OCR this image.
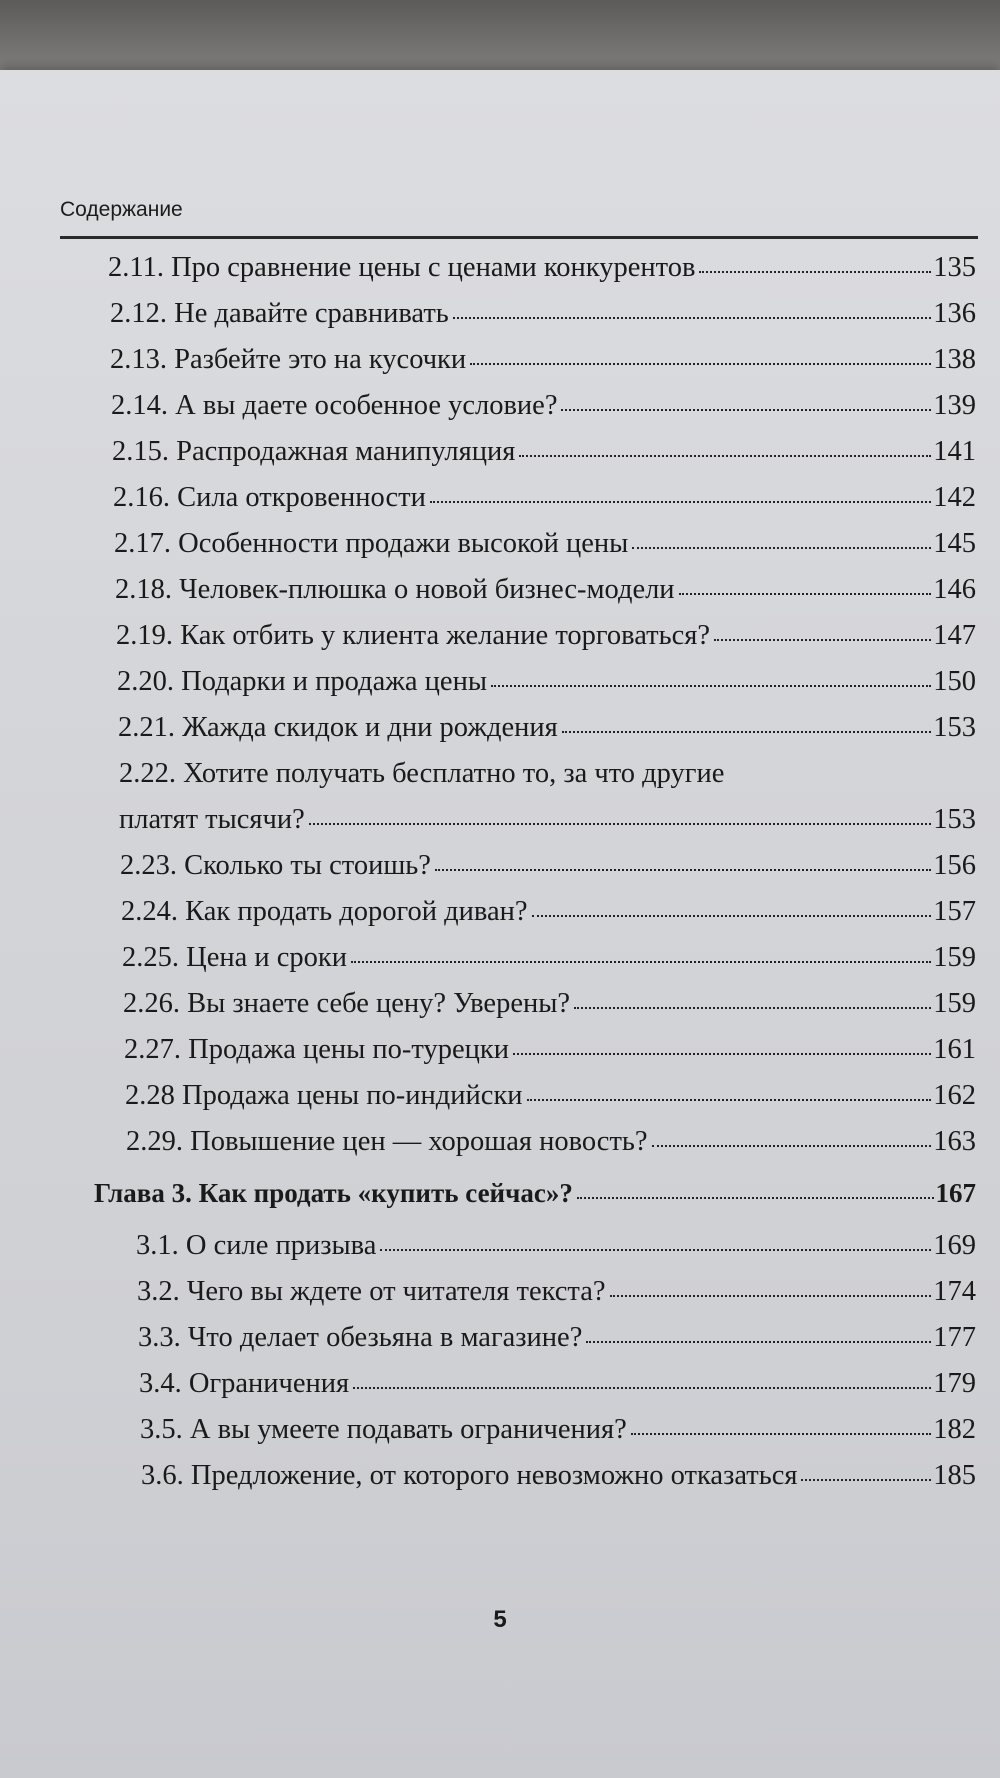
Содержание
2.11. Про сравнение цены с ценами конкурентов	135
2.12. Не давайте сравнивать	136
2.13. Разбейте это на кусочки	138
2.14. А вы даете особенное условие?	139
2.15. Распродажная манипуляция	141
2.16. Сила откровенности	142
2.17. Особенности продажи высокой цены	145
2.18. Человек-плюшка о новой бизнес-модели	146
2.19. Как отбить у клиента желание торговаться?	147
2.20. Подарки и продажа цены	150
2.21. Жажда скидок и дни рождения	153
2.22. Хотите получать бесплатно то, за что другие
платят тысячи?	153
2.23. Сколько ты стоишь?	156
2.24. Как продать дорогой диван?	157
2.25. Цена и сроки	159
2.26. Вы знаете себе цену? Уверены?	159
2.27. Продажа цены по-турецки	161
2.28 Продажа цены по-индийски	162
2.29. Повышение цен — хорошая новость?	163
Глава 3. Как продать «купить сейчас»?	167
3.1. О силе призыва	169
3.2. Чего вы ждете от читателя текста?	174
3.3. Что делает обезьяна в магазине?	177
3.4. Ограничения	179
3.5. А вы умеете подавать ограничения?	182
3.6. Предложение, от которого невозможно отказаться	185
5
